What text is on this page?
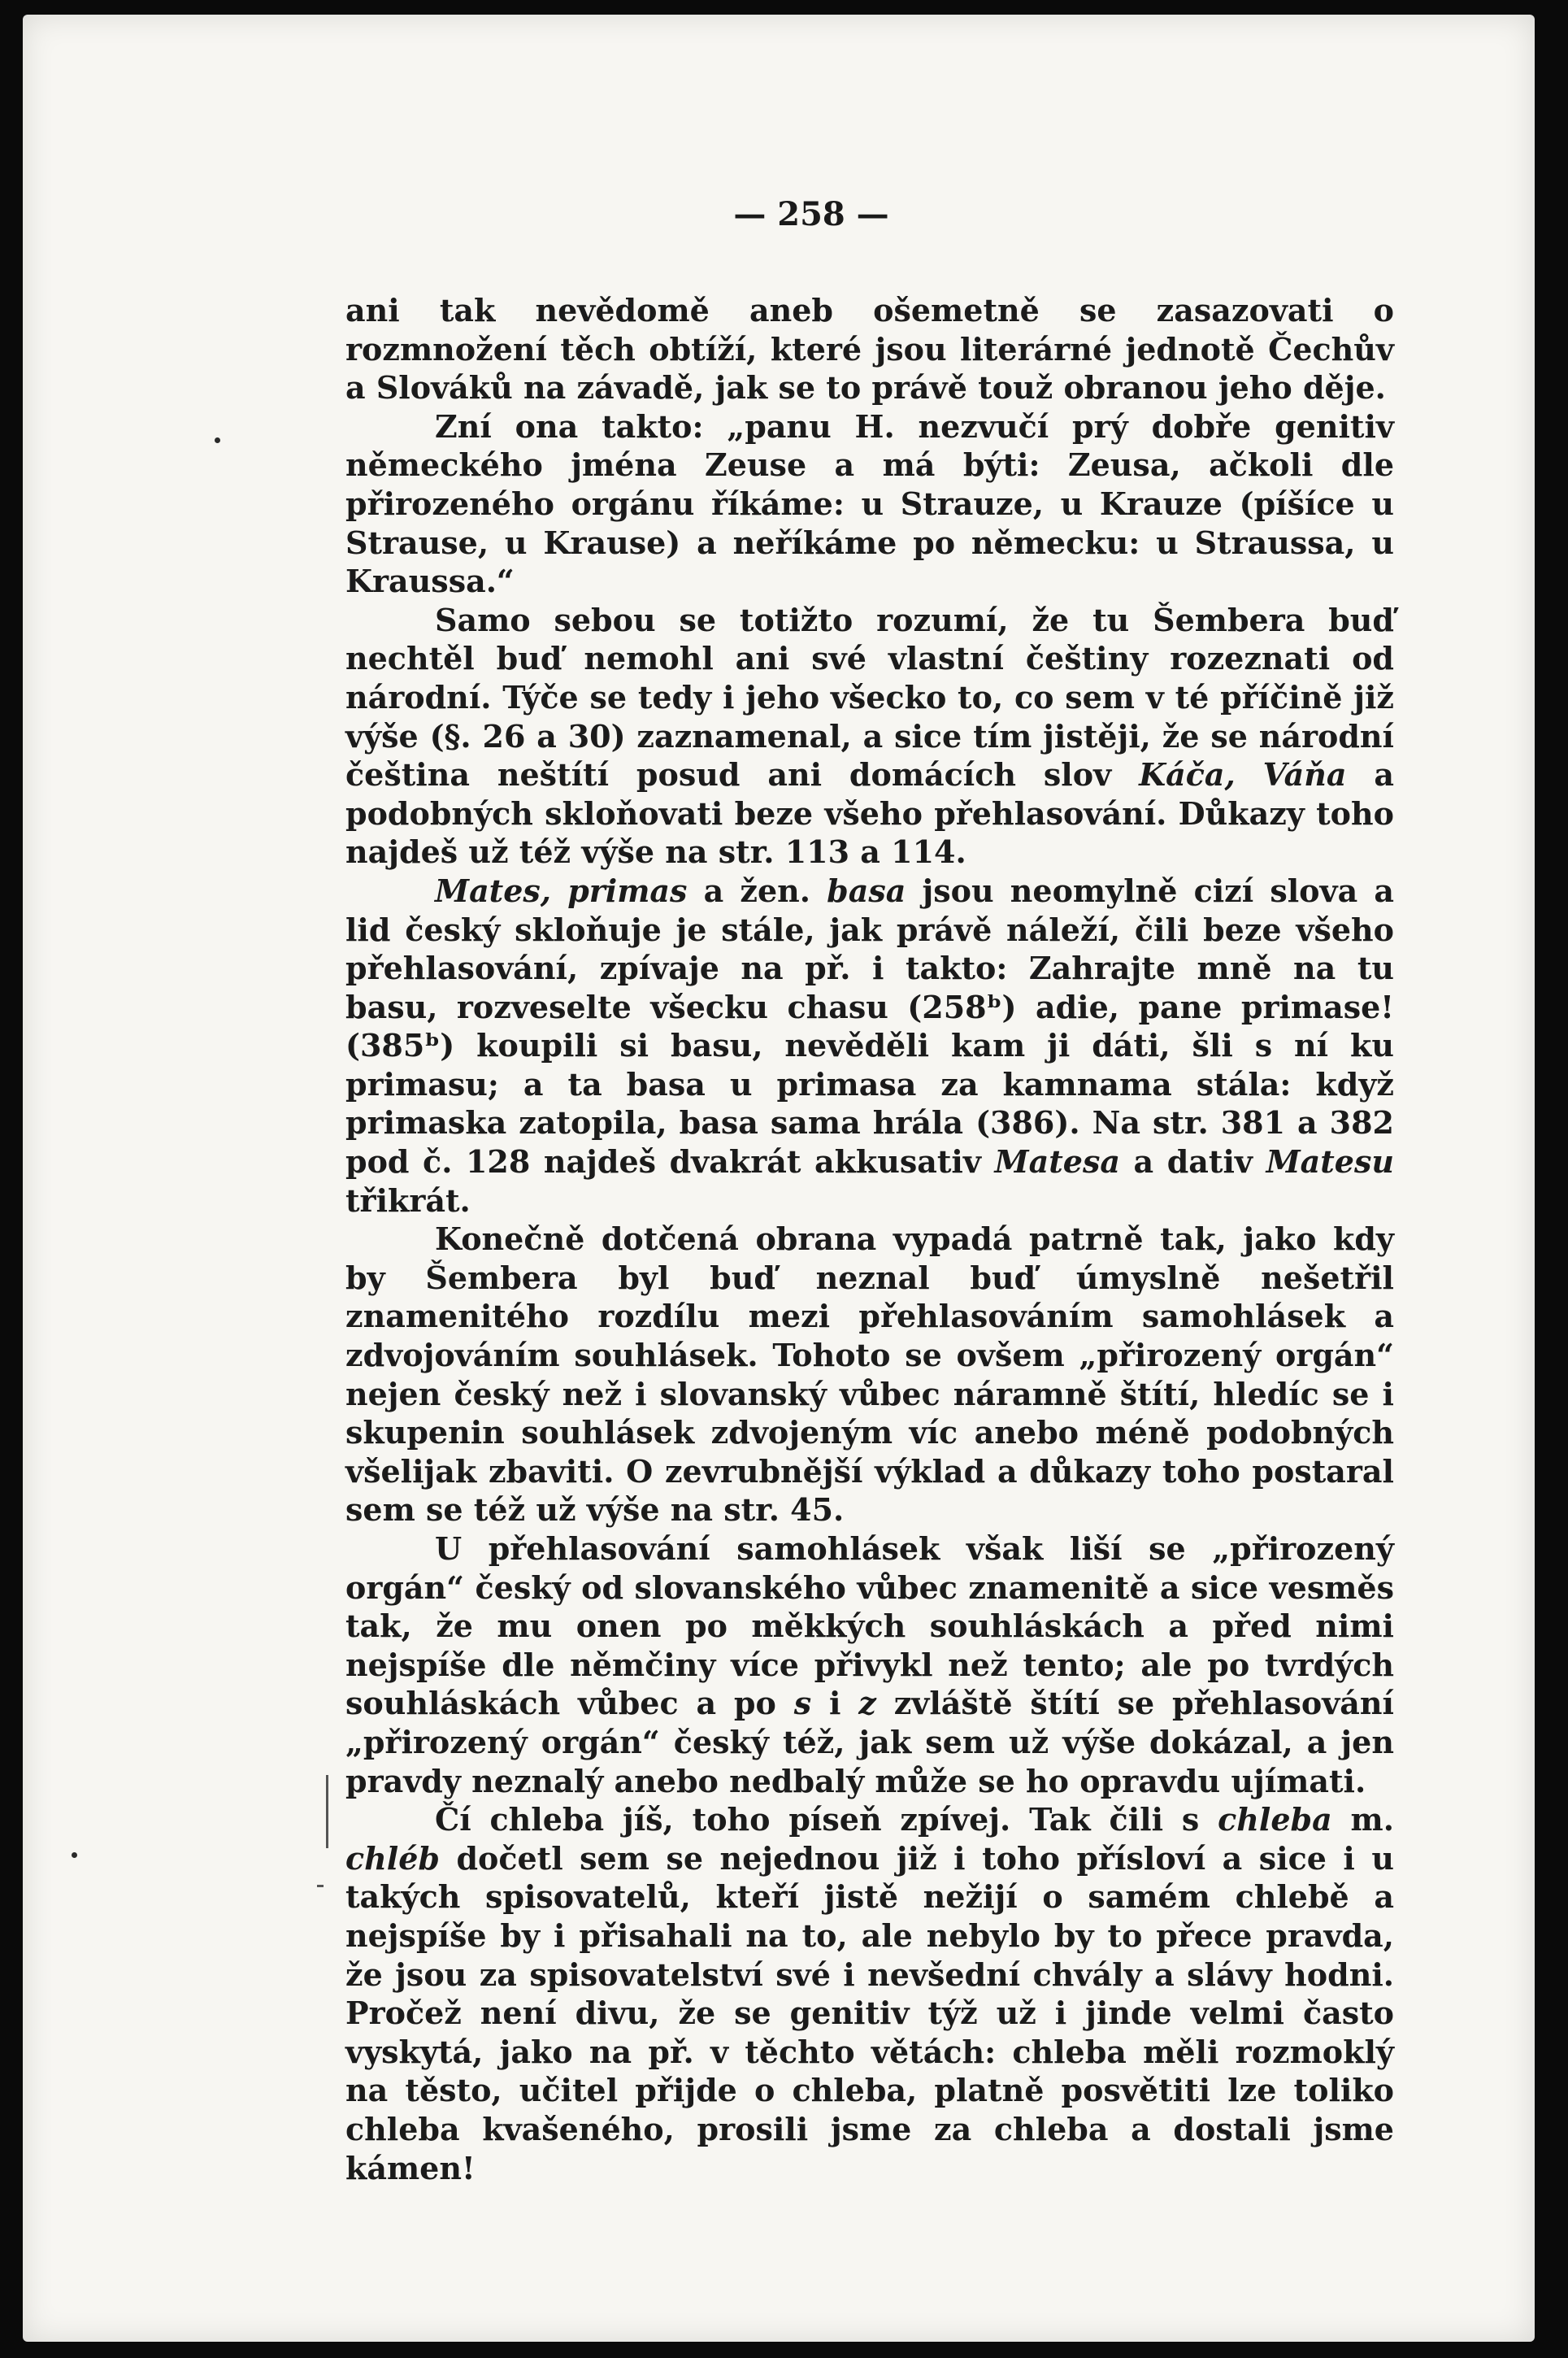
— 258 —

ani tak nevědomě aneb ošemetně se zasazovati o rozmnožení těch obtíží, které jsou literárné jednotě Čechův a Slováků na závadě, jak se to právě touž obranou jeho děje.

Zní ona takto: „panu H. nezvučí prý dobře genitiv německého jména Zeuse a má býti: Zeusa, ačkoli dle přirozeného orgánu říkáme: u Strauze, u Krauze (píšíce u Strause, u Krause) a neříkáme po německu: u Straussa, u Kraussa.“

Samo sebou se totižto rozumí, že tu Šembera buď nechtěl buď nemohl ani své vlastní češtiny rozeznati od národní. Týče se tedy i jeho všecko to, co sem v té příčině již výše (§. 26 a 30) zaznamenal, a sice tím jistěji, že se národní čeština neštítí posud ani domácích slov Káča, Váňa a podobných skloňovati beze všeho přehlasování. Důkazy toho najdeš už též výše na str. 113 a 114.

Mates, primas a žen. basa jsou neomylně cizí slova a lid český skloňuje je stále, jak právě náleží, čili beze všeho přehlasování, zpívaje na př. i takto: Zahrajte mně na tu basu, rozveselte všecku chasu (258ᵇ) adie, pane primase! (385ᵇ) koupili si basu, nevěděli kam ji dáti, šli s ní ku primasu; a ta basa u primasa za kamnama stála: když primaska zatopila, basa sama hrála (386). Na str. 381 a 382 pod č. 128 najdeš dvakrát akkusativ Matesa a dativ Matesu třikrát.

Konečně dotčená obrana vypadá patrně tak, jako kdy by Šembera byl buď neznal buď úmyslně nešetřil znamenitého rozdílu mezi přehlasováním samohlásek a zdvojováním souhlásek. Tohoto se ovšem „přirozený orgán“ nejen český než i slovanský vůbec náramně štítí, hledíc se i skupenin souhlásek zdvojeným víc anebo méně podobných všelijak zbaviti. O zevrubnější výklad a důkazy toho postaral sem se též už výše na str. 45.

U přehlasování samohlásek však liší se „přirozený orgán“ český od slovanského vůbec znamenitě a sice vesměs tak, že mu onen po měkkých souhláskách a před nimi nejspíše dle němčiny více přivykl než tento; ale po tvrdých souhláskách vůbec a po s i z zvláště štítí se přehlasování „přirozený orgán“ český též, jak sem už výše dokázal, a jen pravdy neznalý anebo nedbalý může se ho opravdu ujímati.

Čí chleba jíš, toho píseň zpívej. Tak čili s chleba m. chléb dočetl sem se nejednou již i toho přísloví a sice i u takých spisovatelů, kteří jistě nežijí o samém chlebě a nejspíše by i přisahali na to, ale nebylo by to přece pravda, že jsou za spisovatelství své i nevšední chvály a slávy hodni. Pročež není divu, že se genitiv týž už i jinde velmi často vyskytá, jako na př. v těchto větách: chleba měli rozmoklý na těsto, učitel přijde o chleba, platně posvětiti lze toliko chleba kvašeného, prosili jsme za chleba a dostali jsme kámen!
